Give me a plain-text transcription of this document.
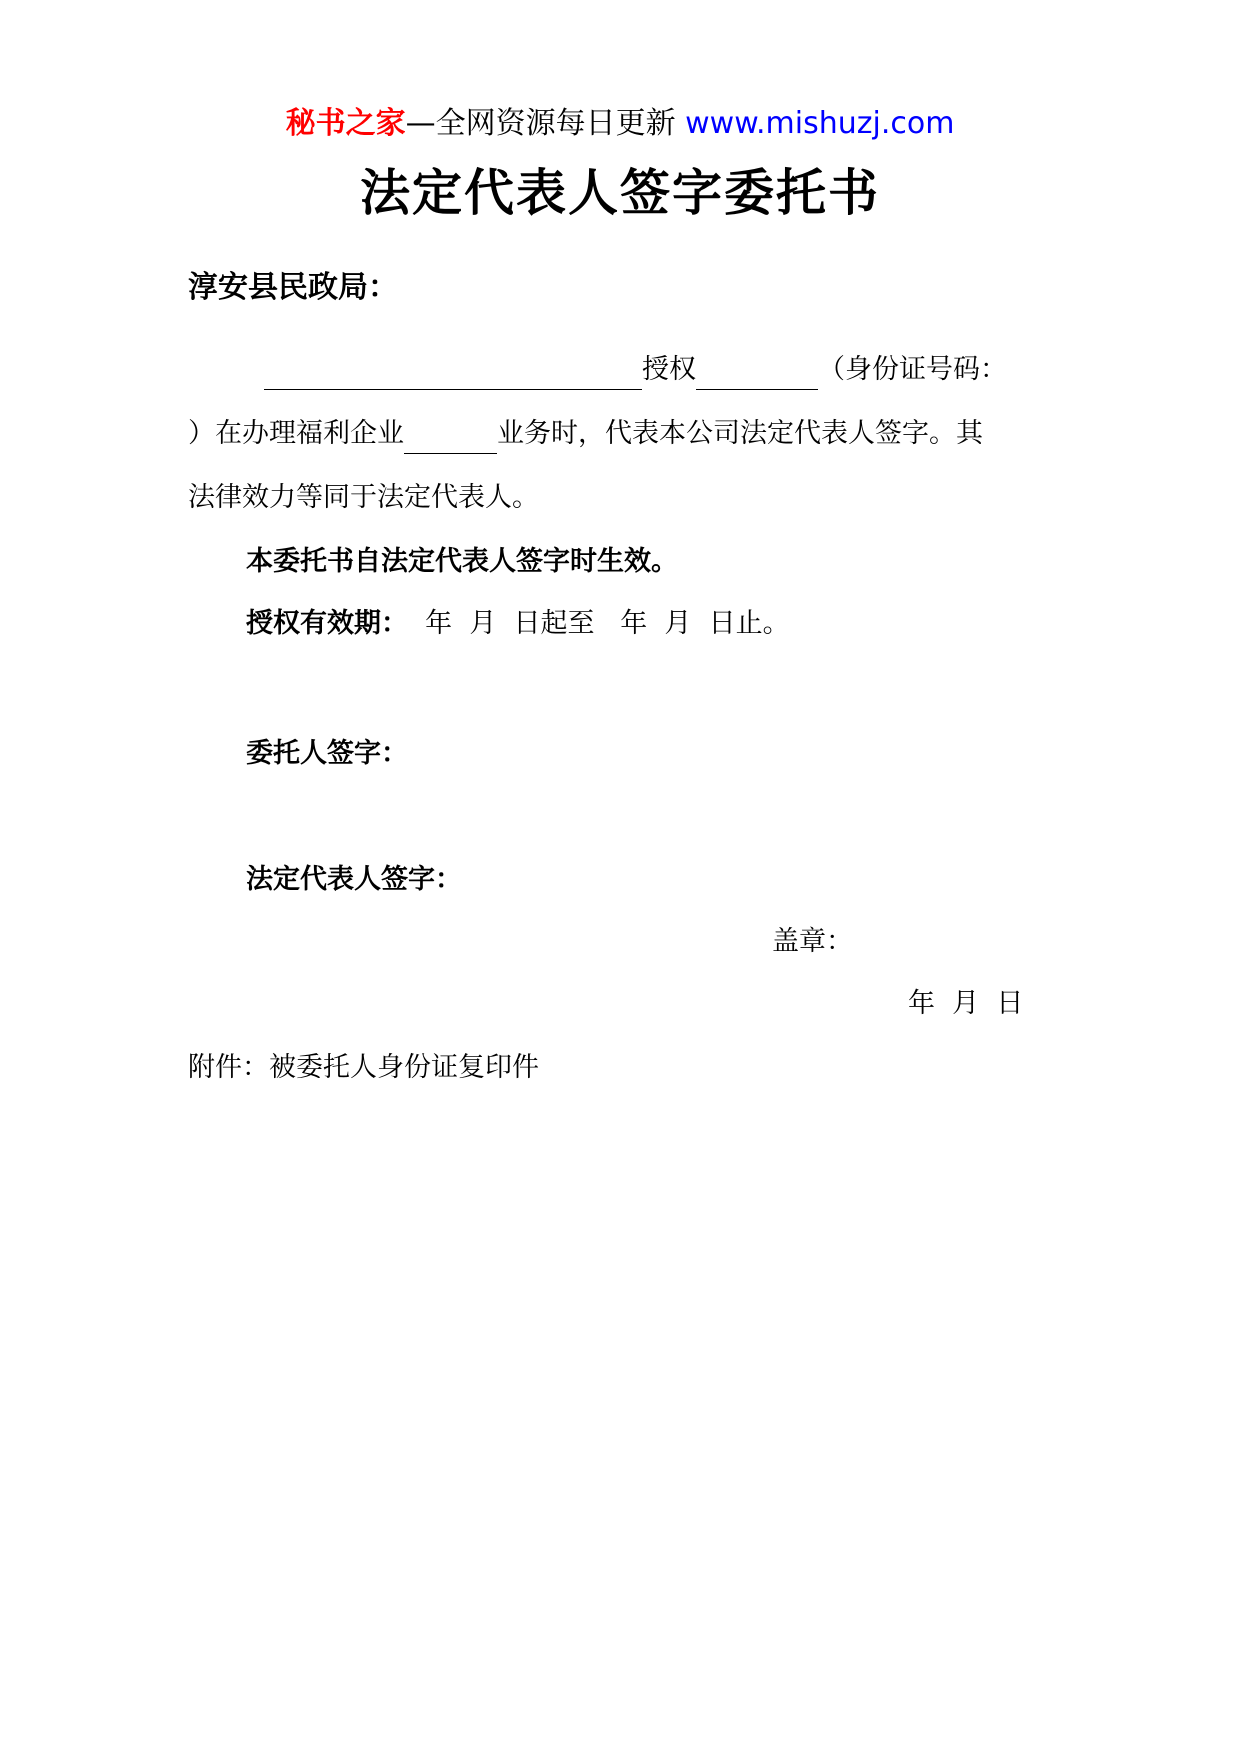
秘书之家—全网资源每日更新 www.mishuzj.com
法定代表人签字委托书
淳安县民政局：
授权	（身份证号码：
）在办理福利企业	业务时，代表本公司法定代表人签字。其
法律效力等同于法定代表人。
本委托书自法定代表人签字时生效。
授权有效期：  年  月  日起至   年  月  日止。
委托人签字：
法定代表人签字：
盖章：
年  月  日
附件：被委托人身份证复印件
